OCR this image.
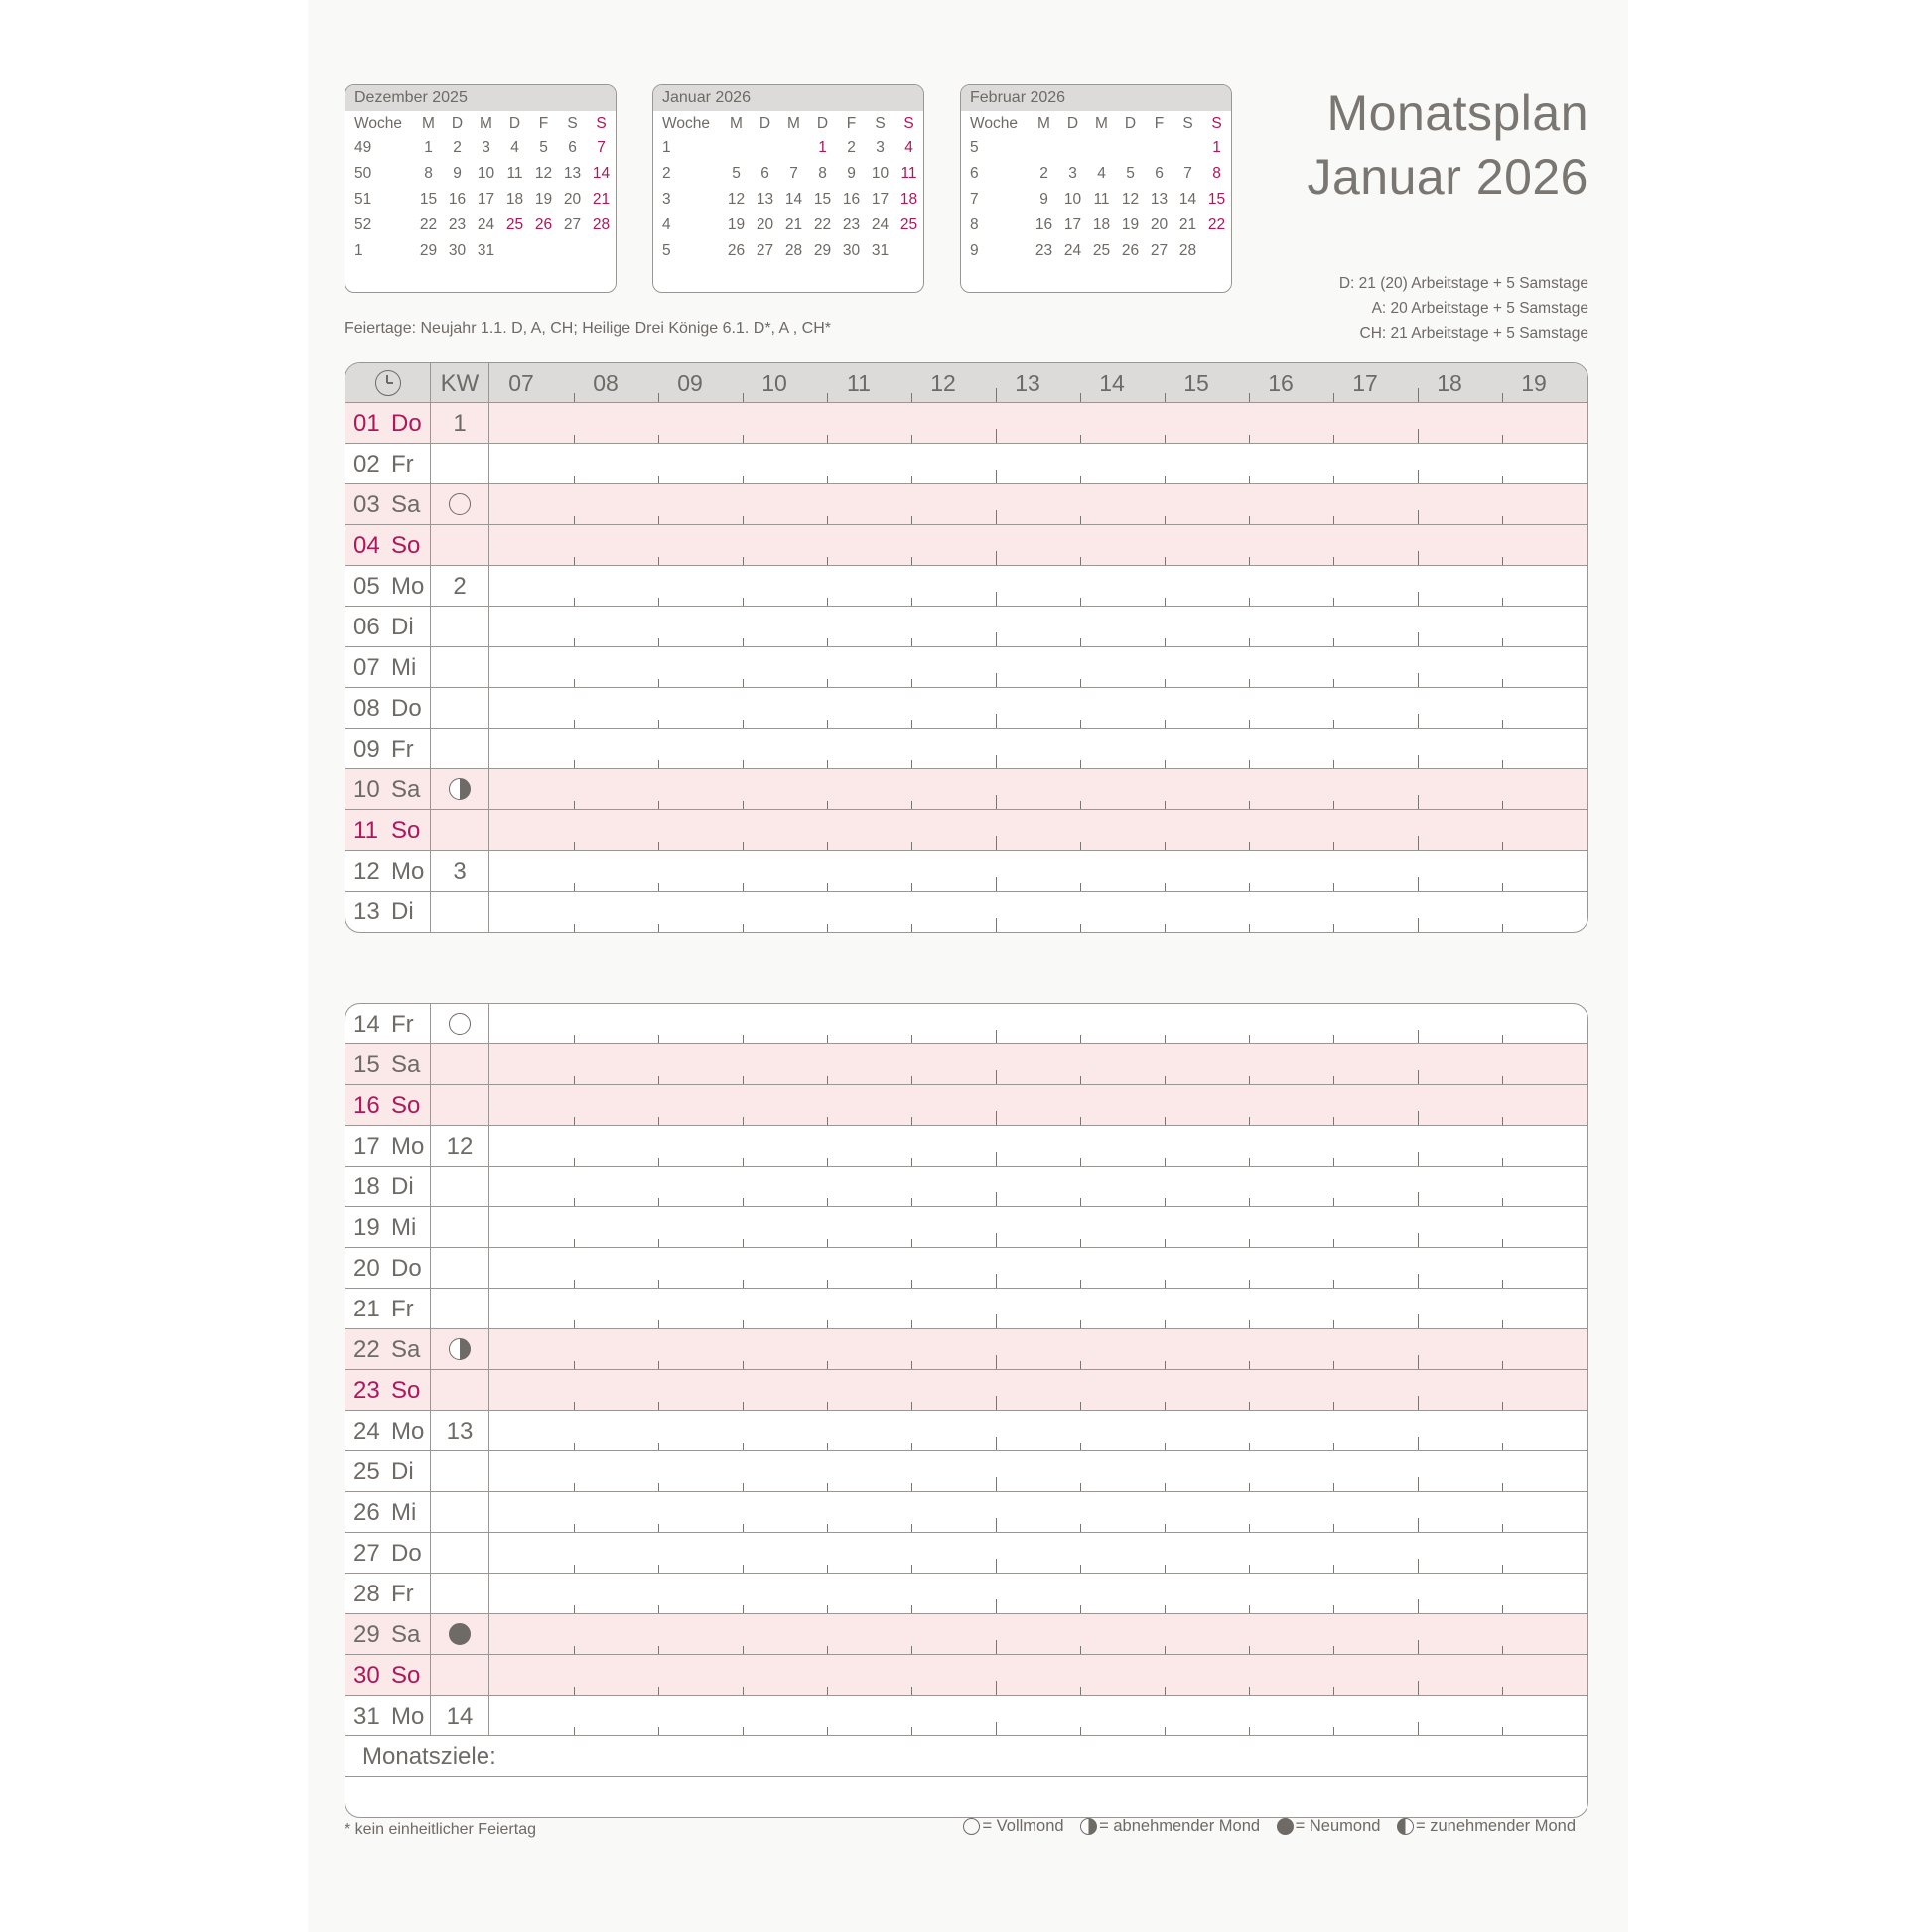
Dezember 2025
Woche	M	D	M	D	F	S	S
49	1	2	3	4	5	6	7
50	8	9	10	11	12	13	14
51	15	16	17	18	19	20	21
52	22	23	24	25	26	27	28
1	29	30	31				
Januar 2026
Woche	M	D	M	D	F	S	S
1				1	2	3	4
2	5	6	7	8	9	10	11
3	12	13	14	15	16	17	18
4	19	20	21	22	23	24	25
5	26	27	28	29	30	31	
Februar 2026
Woche	M	D	M	D	F	S	S
5							1
6	2	3	4	5	6	7	8
7	9	10	11	12	13	14	15
8	16	17	18	19	20	21	22
9	23	24	25	26	27	28	
Monatsplan
Januar 2026
D: 21 (20) Arbeitstage + 5 Samstage
A: 20 Arbeitstage + 5 Samstage
CH: 21 Arbeitstage + 5 Samstage
Feiertage: Neujahr 1.1. D, A, CH; Heilige Drei Könige 6.1. D*, A , CH*
KW	07	08	09	10	11	12	13	14	15	16	17	18	19
01 Do	1
02 Fr
03 Sa
04 So
05 Mo	2
06 Di
07 Mi
08 Do
09 Fr
10 Sa
11 So
12 Mo	3
13 Di
14 Fr
15 Sa
16 So
17 Mo 12
18 Di
19 Mi
20 Do
21 Fr
22 Sa
23 So
24 Mo 13
25 Di
26 Mi
27 Do
28 Fr
29 Sa
30 So
31 Mo 14
Monatsziele:
* kein einheitlicher Feiertag	= Vollmond = abnehmender Mond = Neumond = zunehmender Mond
